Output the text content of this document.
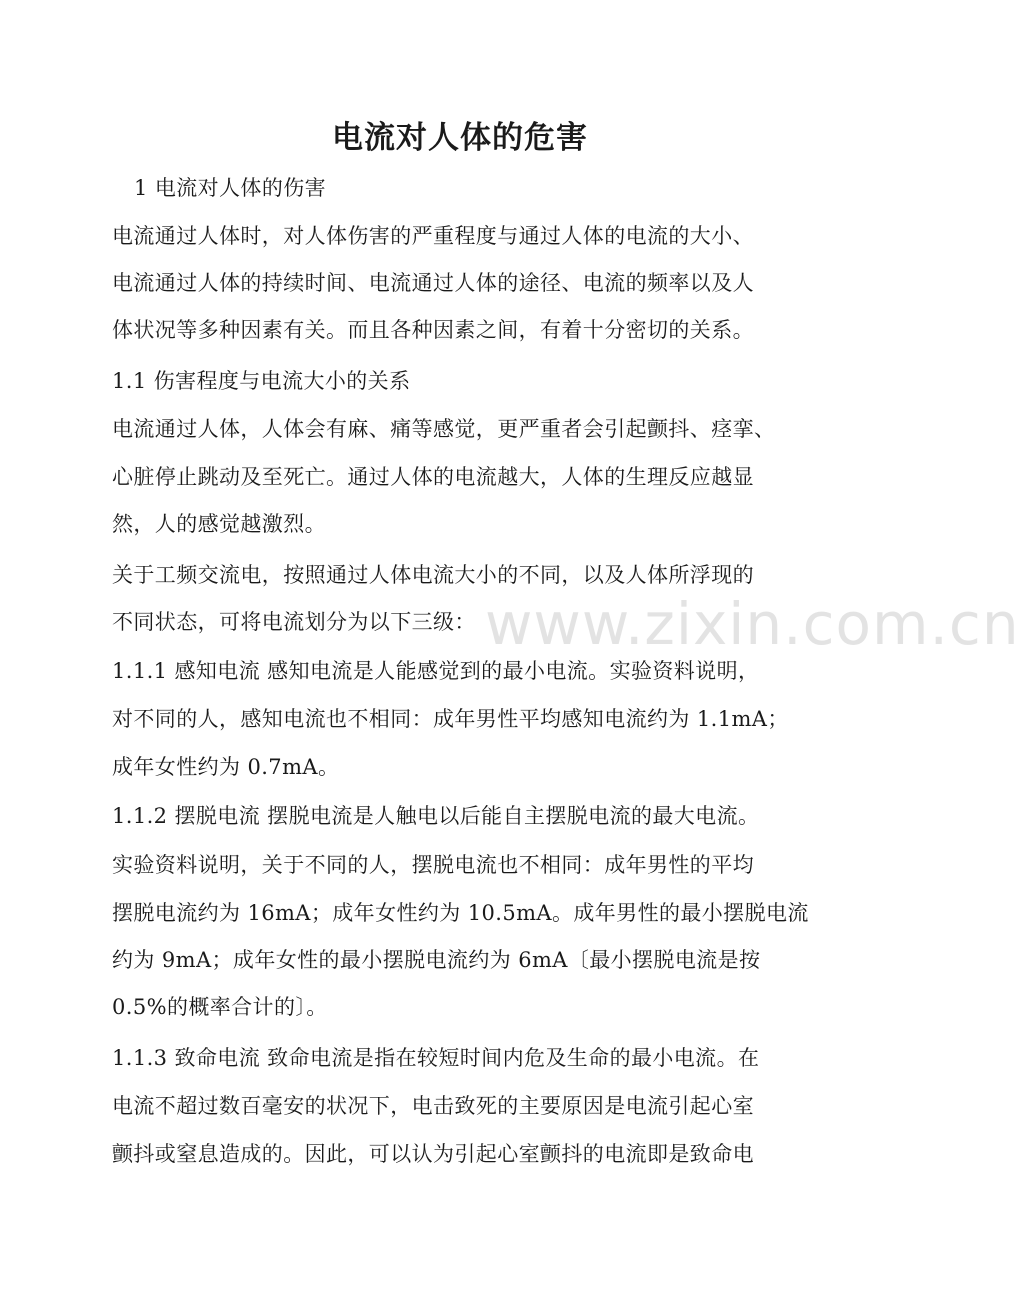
www.zixin.com.cn
电流对人体的危害
1 电流对人体的伤害
电流通过人体时，对人体伤害的严重程度与通过人体的电流的大小、
电流通过人体的持续时间、电流通过人体的途径、电流的频率以及人
体状况等多种因素有关。而且各种因素之间，有着十分密切的关系。
1.1 伤害程度与电流大小的关系
电流通过人体，人体会有麻、痛等感觉，更严重者会引起颤抖、痉挛、
心脏停止跳动及至死亡。通过人体的电流越大，人体的生理反应越显
然，人的感觉越激烈。
关于工频交流电，按照通过人体电流大小的不同，以及人体所浮现的
不同状态，可将电流划分为以下三级：
1.1.1 感知电流 感知电流是人能感觉到的最小电流。实验资料说明，
对不同的人，感知电流也不相同：成年男性平均感知电流约为 1.1mA；
成年女性约为 0.7mA。
1.1.2 摆脱电流 摆脱电流是人触电以后能自主摆脱电流的最大电流。
实验资料说明，关于不同的人，摆脱电流也不相同：成年男性的平均
摆脱电流约为 16mA；成年女性约为 10.5mA。成年男性的最小摆脱电流
约为 9mA；成年女性的最小摆脱电流约为 6mA〔最小摆脱电流是按
0.5%的概率合计的〕。
1.1.3 致命电流 致命电流是指在较短时间内危及生命的最小电流。在
电流不超过数百毫安的状况下，电击致死的主要原因是电流引起心室
颤抖或窒息造成的。因此，可以认为引起心室颤抖的电流即是致命电
